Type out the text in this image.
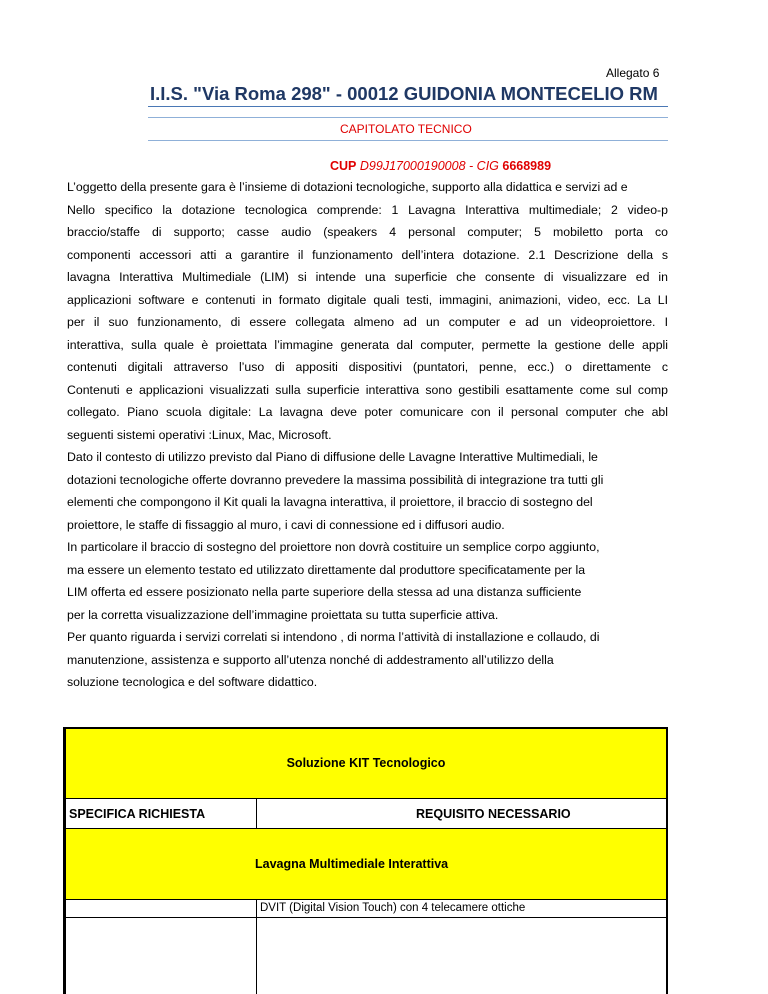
Allegato 6
I.I.S. "Via Roma 298" - 00012 GUIDONIA MONTECELIO RM
CAPITOLATO TECNICO
CUP D99J17000190008 - CIG 6668989
L’oggetto della presente gara è l’insieme di dotazioni tecnologiche, supporto alla didattica e servizi ad e
Nello specifico la dotazione tecnologica comprende: 1 Lavagna Interattiva multimediale; 2 video-p
braccio/staffe di supporto; casse audio (speakers 4 personal computer; 5 mobiletto porta co
componenti accessori atti a garantire il funzionamento dell’intera dotazione. 2.1 Descrizione della s
lavagna Interattiva Multimediale (LIM) si intende una superficie che consente di visualizzare ed in
applicazioni software e contenuti in formato digitale quali testi, immagini, animazioni, video, ecc. La LI
per il suo funzionamento, di essere collegata almeno ad un computer e ad un videoproiettore. I
interattiva, sulla quale è proiettata l’immagine generata dal computer, permette la gestione delle appli
contenuti digitali attraverso l’uso di appositi dispositivi (puntatori, penne, ecc.) o direttamente c
Contenuti e applicazioni visualizzati sulla superficie interattiva sono gestibili esattamente come sul comp
collegato. Piano scuola digitale: La lavagna deve poter comunicare con il personal computer che abl
seguenti sistemi operativi :Linux, Mac, Microsoft.
Dato il contesto di utilizzo previsto dal Piano di diffusione delle Lavagne Interattive Multimediali, le
dotazioni tecnologiche offerte dovranno prevedere la massima possibilità di integrazione tra tutti gli
elementi che compongono il Kit quali la lavagna interattiva, il proiettore, il braccio di sostegno del
proiettore, le staffe di fissaggio al muro, i cavi di connessione ed i diffusori audio.
In particolare il braccio di sostegno del proiettore non dovrà costituire un semplice corpo aggiunto,
ma essere un elemento testato ed utilizzato direttamente dal produttore specificatamente per la
LIM offerta ed essere posizionato nella parte superiore della stessa ad una distanza sufficiente
per la corretta visualizzazione dell’immagine proiettata su tutta superficie attiva.
Per quanto riguarda i servizi correlati si intendono , di norma l’attività di installazione e collaudo, di
manutenzione, assistenza e supporto all’utenza nonché di addestramento all’utilizzo della
soluzione tecnologica e del software didattico.
Soluzione KIT Tecnologico
SPECIFICA RICHIESTA	REQUISITO NECESSARIO
Lavagna Multimediale Interattiva
DVIT (Digital Vision Touch) con 4 telecamere ottiche
